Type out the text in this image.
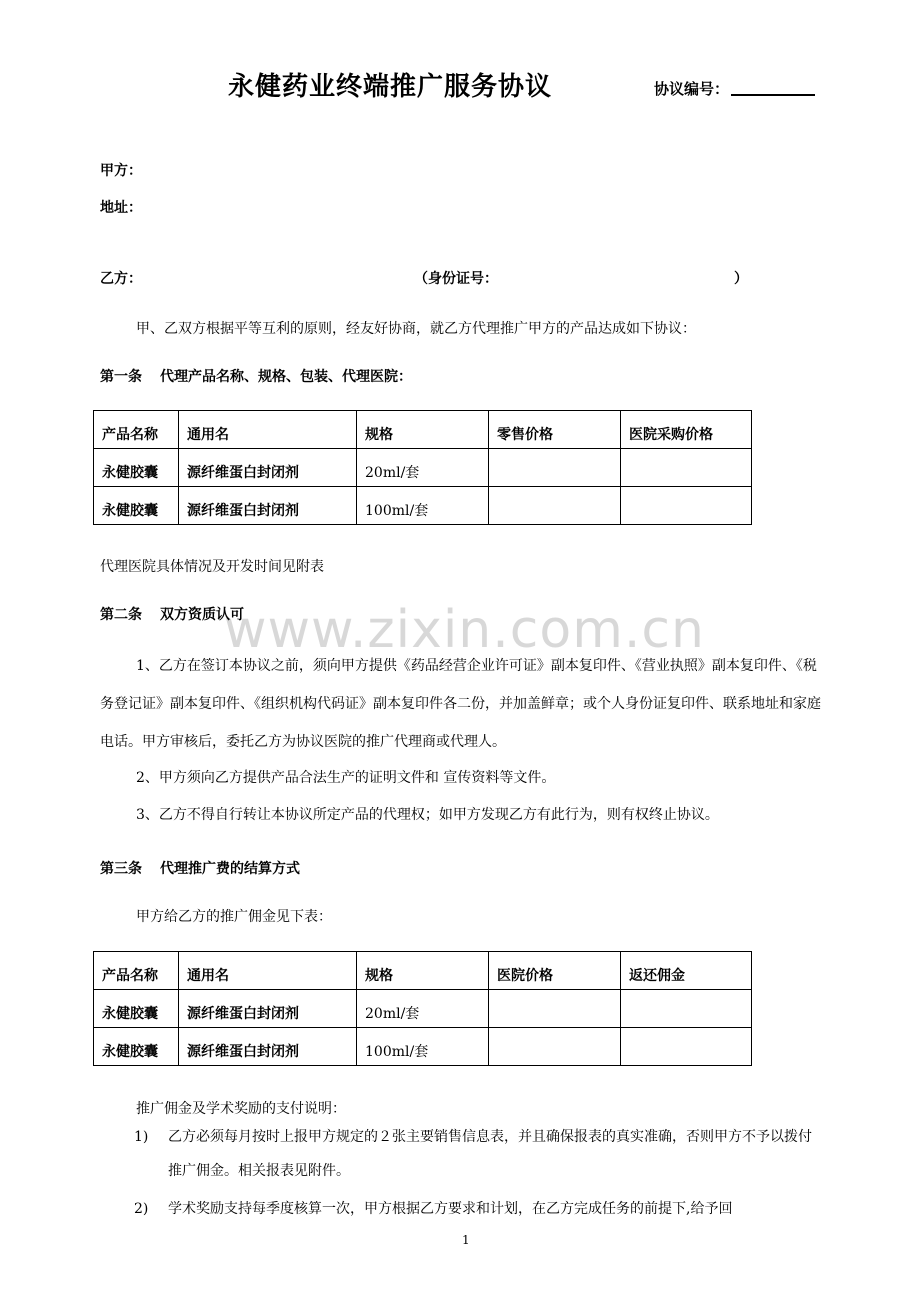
www.zixin.com.cn
永健药业终端推广服务协议	协议编号：
甲方：
地址：
乙方：	（身份证号：	）
甲、乙双方根据平等互利的原则，经友好协商，就乙方代理推广甲方的产品达成如下协议：
第一条 代理产品名称、规格、包装、代理医院：
产品名称	通用名	规格	零售价格	医院采购价格
永健胶囊	源纤维蛋白封闭剂	20ml/套		
永健胶囊	源纤维蛋白封闭剂	100ml/套		
代理医院具体情况及开发时间见附表
第二条 双方资质认可
1、乙方在签订本协议之前，须向甲方提供《药品经营企业许可证》副本复印件、《营业执照》副本复印件、《税务登记证》副本复印件、《组织机构代码证》副本复印件各二份，并加盖鲜章；或个人身份证复印件、联系地址和家庭电话。甲方审核后，委托乙方为协议医院的推广代理商或代理人。
2、甲方须向乙方提供产品合法生产的证明文件和 宣传资料等文件。
3、乙方不得自行转让本协议所定产品的代理权；如甲方发现乙方有此行为，则有权终止协议。
第三条 代理推广费的结算方式
甲方给乙方的推广佣金见下表：
产品名称	通用名	规格	医院价格	返还佣金
永健胶囊	源纤维蛋白封闭剂	20ml/套		
永健胶囊	源纤维蛋白封闭剂	100ml/套		
推广佣金及学术奖励的支付说明：
1) 乙方必须每月按时上报甲方规定的２张主要销售信息表，并且确保报表的真实准确，否则甲方不予以拨付推广佣金。相关报表见附件。
2) 学术奖励支持每季度核算一次，甲方根据乙方要求和计划，在乙方完成任务的前提下,给予回
1
